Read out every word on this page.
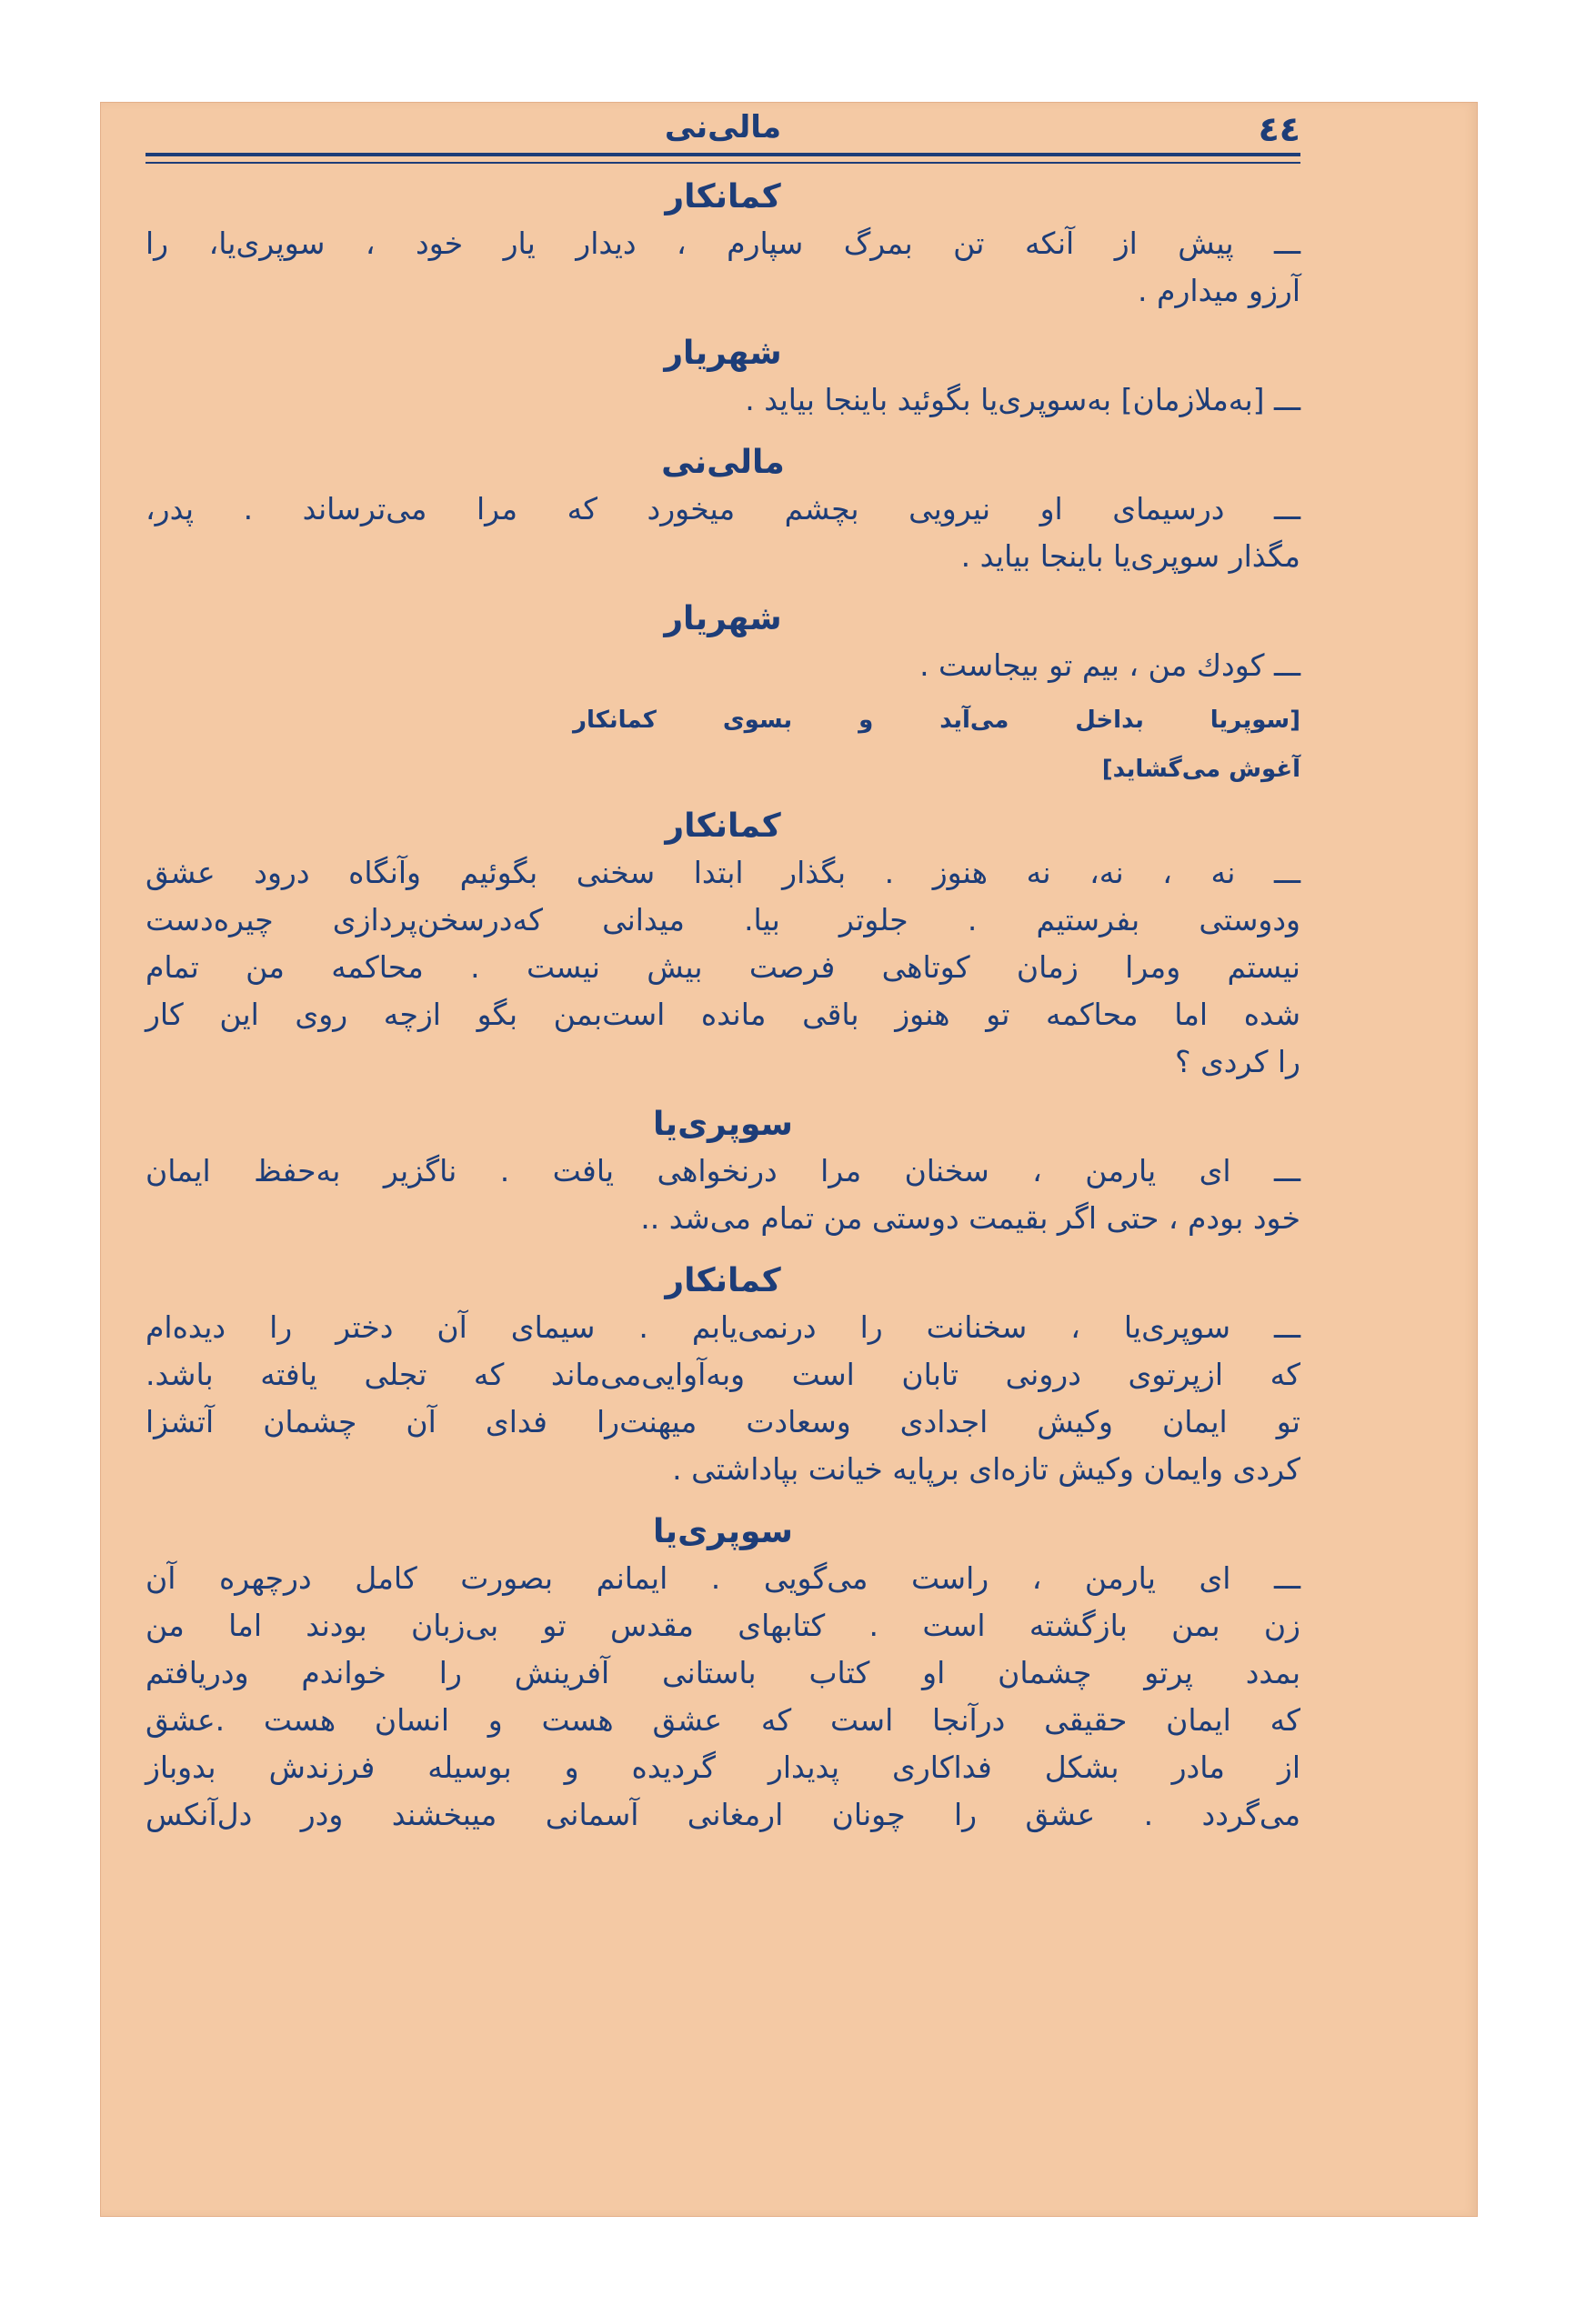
٤٤
مالی‌نی
کمانکار
ـــ پیش از آنکه تن بمرگ سپارم ، دیدار یار خود ، سوپری‌یا، را
آرزو میدارم .
شهریار
ـــ [به‌ملازمان] به‌سوپری‌یا بگوئید باینجا بیاید .
مالی‌نی
ـــ درسیمای او نیرویی بچشم میخورد که مرا می‌ترساند . پدر،
مگذار سوپری‌یا باینجا بیاید .
شهریار
ـــ کودك من ، بیم تو بیجاست .
[سوپریا بداخل می‌آید و بسوی کمانکار
آغوش می‌گشاید]
کمانکار
ـــ نه ، نه، نه هنوز . بگذار ابتدا سخنی بگوئیم وآنگاه درود عشق
ودوستی بفرستیم . جلوتر بیا. میدانی که‌درسخن‌پردازی چیره‌دست
نیستم ومرا زمان کوتاهی فرصت بیش نیست . محاکمه من تمام
شده اما محاکمه تو هنوز باقی مانده است‌بمن بگو ازچه روی این کار
را کردی ؟
سوپری‌یا
ـــ ای یارمن ، سخنان مرا درنخواهی یافت . ناگزیر به‌حفظ ایمان
خود بودم ، حتی اگر بقیمت دوستی من تمام می‌شد ..
کمانکار
ـــ سوپری‌یا ، سخنانت را درنمی‌یابم . سیمای آن دختر را دیده‌ام
که ازپرتوی درونی تابان است وبه‌آوایی‌می‌ماند که تجلی یافته باشد.
تو ایمان وکیش اجدادی وسعادت میهنت‌را فدای آن چشمان آتشزا
کردی وایمان وکیش تازه‌ای برپایه خیانت بپاداشتی .
سوپری‌یا
ـــ ای یارمن ، راست می‌گویی . ایمانم بصورت کامل درچهره آن
زن بمن بازگشته است . کتابهای مقدس تو بی‌زبان بودند اما من
بمدد پرتو چشمان او کتاب باستانی آفرینش را خواندم ودریافتم
که ایمان حقیقی درآنجا است که عشق هست و انسان هست .عشق
از مادر بشکل فداکاری پدیدار گردیده و بوسیله فرزندش بدوباز
می‌گردد . عشق را چونان ارمغانی آسمانی میبخشند ودر دل‌آنکس
